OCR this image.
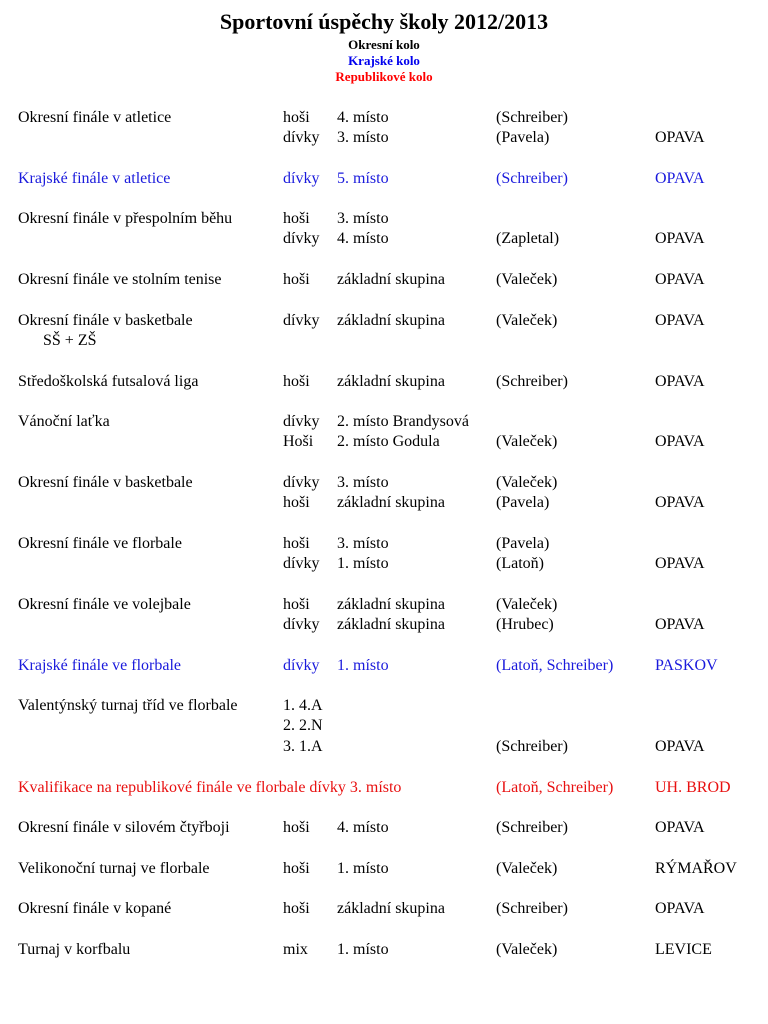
Sportovní úspěchy školy 2012/2013
Okresní kolo
Krajské kolo
Republikové kolo
Okresní finále v atletice	hoši 4. místo	(Schreiber)
dívky 3. místo	(Pavela)	OPAVA
Krajské finále v atletice	dívky 5. místo	(Schreiber)	OPAVA
Okresní finále v přespolním běhu	hoši 3. místo
dívky 4. místo	(Zapletal)	OPAVA
Okresní finále ve stolním tenise	hoši základní skupina	(Valeček)	OPAVA
Okresní finále v basketbale	dívky základní skupina	(Valeček)	OPAVA
SŠ + ZŠ
Středoškolská futsalová liga	hoši základní skupina	(Schreiber)	OPAVA
Vánoční laťka	dívky 2. místo Brandysová
Hoši 2. místo Godula	(Valeček)	OPAVA
Okresní finále v basketbale	dívky 3. místo	(Valeček)
hoši základní skupina	(Pavela)	OPAVA
Okresní finále ve florbale	hoši 3. místo	(Pavela)
dívky 1. místo	(Latoň)	OPAVA
Okresní finále ve volejbale	hoši základní skupina	(Valeček)
dívky základní skupina	(Hrubec)	OPAVA
Krajské finále ve florbale	dívky 1. místo	(Latoň, Schreiber)	PASKOV
Valentýnský turnaj tříd ve florbale	1. 4.A
2. 2.N
3. 1.A	(Schreiber)	OPAVA
Kvalifikace na republikové finále ve florbale dívky 3. místo	(Latoň, Schreiber)	UH. BROD
Okresní finále v silovém čtyřboji	hoši 4. místo	(Schreiber)	OPAVA
Velikonoční turnaj ve florbale	hoši 1. místo	(Valeček)	RÝMAŘOV
Okresní finále v kopané	hoši základní skupina	(Schreiber)	OPAVA
Turnaj v korfbalu	mix 1. místo	(Valeček)	LEVICE
